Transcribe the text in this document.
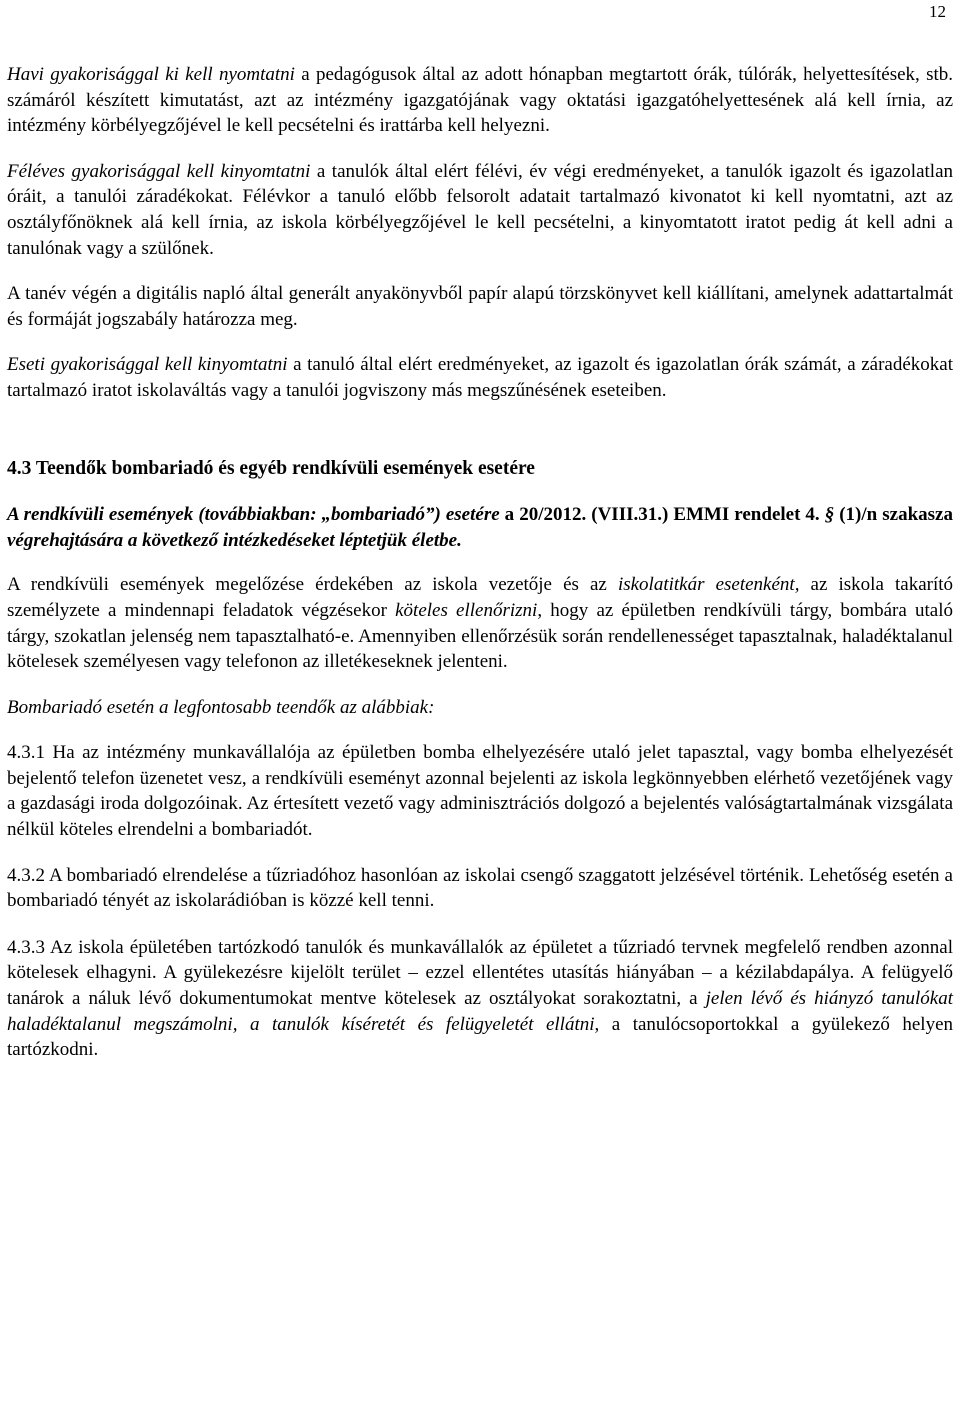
12

Havi gyakorisággal ki kell nyomtatni a pedagógusok által az adott hónapban megtartott órák, túlórák, helyettesítések, stb. számáról készített kimutatást, azt az intézmény igazgatójának vagy oktatási igazgatóhelyettesének alá kell írnia, az intézmény körbélyegzőjével le kell pecsételni és irattárba kell helyezni.

Féléves gyakorisággal kell kinyomtatni a tanulók által elért félévi, év végi eredményeket, a tanulók igazolt és igazolatlan óráit, a tanulói záradékokat. Félévkor a tanuló előbb felsorolt adatait tartalmazó kivonatot ki kell nyomtatni, azt az osztályfőnöknek alá kell írnia, az iskola körbélyegzőjével le kell pecsételni, a kinyomtatott iratot pedig át kell adni a tanulónak vagy a szülőnek.

A tanév végén a digitális napló által generált anyakönyvből papír alapú törzskönyvet kell kiállítani, amelynek adattartalmát és formáját jogszabály határozza meg.

Eseti gyakorisággal kell kinyomtatni a tanuló által elért eredményeket, az igazolt és igazolatlan órák számát, a záradékokat tartalmazó iratot iskolaváltás vagy a tanulói jogviszony más megszűnésének eseteiben.

4.3 Teendők bombariadó és egyéb rendkívüli események esetére

A rendkívüli események (továbbiakban: „bombariadó”) esetére a 20/2012. (VIII.31.) EMMI rendelet 4. § (1)/n szakasza végrehajtására a következő intézkedéseket léptetjük életbe.

A rendkívüli események megelőzése érdekében az iskola vezetője és az iskolatitkár esetenként, az iskola takarító személyzete a mindennapi feladatok végzésekor köteles ellenőrizni, hogy az épületben rendkívüli tárgy, bombára utaló tárgy, szokatlan jelenség nem tapasztalható-e. Amennyiben ellenőrzésük során rendellenességet tapasztalnak, haladéktalanul kötelesek személyesen vagy telefonon az illetékeseknek jelenteni.

Bombariadó esetén a legfontosabb teendők az alábbiak:

4.3.1 Ha az intézmény munkavállalója az épületben bomba elhelyezésére utaló jelet tapasztal, vagy bomba elhelyezését bejelentő telefon üzenetet vesz, a rendkívüli eseményt azonnal bejelenti az iskola legkönnyebben elérhető vezetőjének vagy a gazdasági iroda dolgozóinak. Az értesített vezető vagy adminisztrációs dolgozó a bejelentés valóságtartalmának vizsgálata nélkül köteles elrendelni a bombariadót.

4.3.2 A bombariadó elrendelése a tűzriadóhoz hasonlóan az iskolai csengő szaggatott jelzésével történik. Lehetőség esetén a bombariadó tényét az iskolarádióban is közzé kell tenni.

4.3.3 Az iskola épületében tartózkodó tanulók és munkavállalók az épületet a tűzriadó tervnek megfelelő rendben azonnal kötelesek elhagyni. A gyülekezésre kijelölt terület – ezzel ellentétes utasítás hiányában – a kézilabdapálya. A felügyelő tanárok a náluk lévő dokumentumokat mentve kötelesek az osztályokat sorakoztatni, a jelen lévő és hiányzó tanulókat haladéktalanul megszámolni, a tanulók kíséretét és felügyeletét ellátni, a tanulócsoportokkal a gyülekező helyen tartózkodni.
